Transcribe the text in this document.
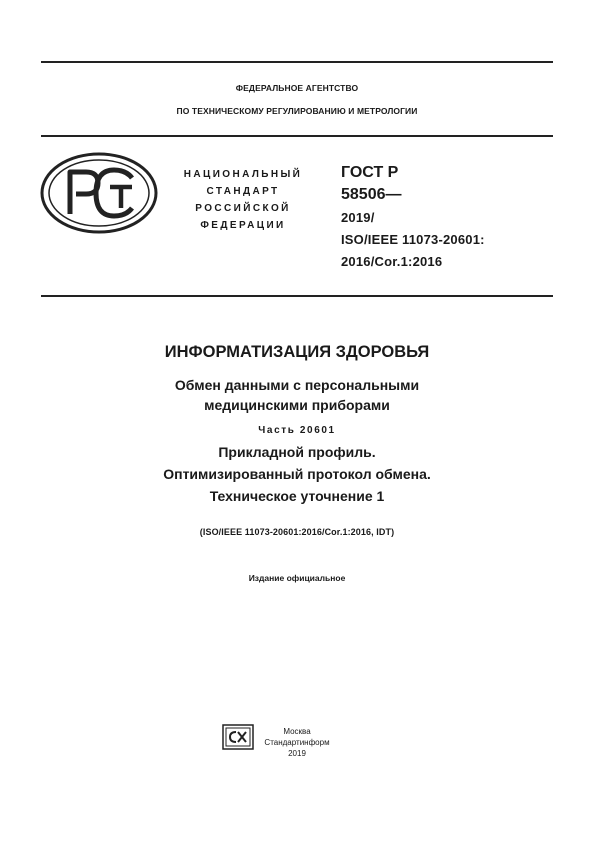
ФЕДЕРАЛЬНОЕ АГЕНТСТВО
ПО ТЕХНИЧЕСКОМУ РЕГУЛИРОВАНИЮ И МЕТРОЛОГИИ
НАЦИОНАЛЬНЫЙ
СТАНДАРТ
РОССИЙСКОЙ
ФЕДЕРАЦИИ
ГОСТ Р
58506—
2019/
ISO/IEEE 11073-20601:
2016/Cor.1:2016
ИНФОРМАТИЗАЦИЯ ЗДОРОВЬЯ
Обмен данными с персональными
медицинскими приборами
Часть 20601
Прикладной профиль.
Оптимизированный протокол обмена.
Техническое уточнение 1
(ISO/IEEE 11073-20601:2016/Cor.1:2016, IDT)
Издание официальное
Москва
Стандартинформ
2019
